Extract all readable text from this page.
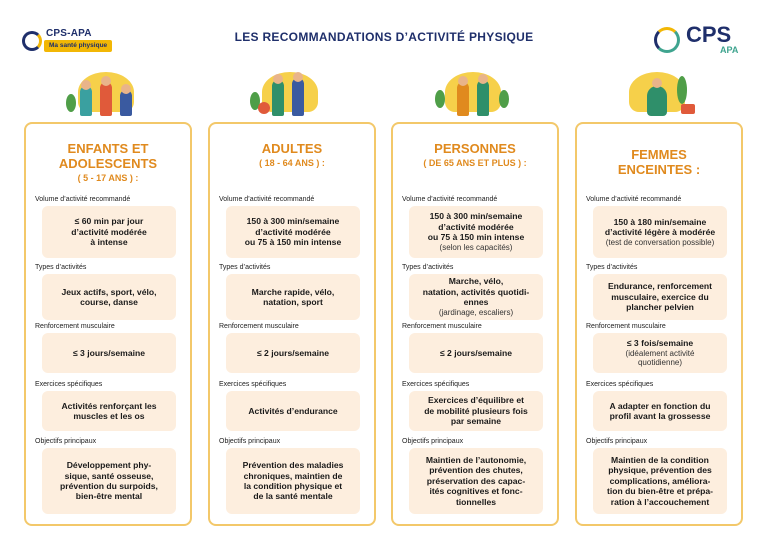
CPS-APA
Ma santé physique
LES RECOMMANDATIONS D’ACTIVITÉ PHYSIQUE	CPS
APA
ENFANTS ET
ADOLESCENTS
( 5 - 17 ANS ) :
Volume d’activité recommandé
≤ 60 min par jour
d’activité modérée
à intense
Types d’activités
Jeux actifs, sport, vélo,
course, danse
Renforcement musculaire
≤ 3 jours/semaine
Exercices spécifiques
Activités renforçant les
muscles et les os
Objectifs principaux
Développement phy-
sique, santé osseuse,
prévention du surpoids,
bien-être mental
ADULTES
( 18 - 64 ANS ) :
Volume d’activité recommandé
150 à 300 min/semaine
d’activité modérée
ou 75 à 150 min intense
Types d’activités
Marche rapide, vélo,
natation, sport
Renforcement musculaire
≤ 2 jours/semaine
Exercices spécifiques
Activités d’endurance
Objectifs principaux
Prévention des maladies
chroniques, maintien de
la condition physique et
de la santé mentale
PERSONNES
( DE 65 ANS ET PLUS ) :
Volume d’activité recommandé
150 à 300 min/semaine
d’activité modérée
ou 75 à 150 min intense
(selon les capacités)
Types d’activités
Marche, vélo,
natation, activités quotidi-
ennes
(jardinage, escaliers)
Renforcement musculaire
≤ 2 jours/semaine
Exercices spécifiques
Exercices d’équilibre et
de mobilité plusieurs fois
par semaine
Objectifs principaux
Maintien de l’autonomie,
prévention des chutes,
préservation des capac-
ités cognitives et fonc-
tionnelles
FEMMES
ENCEINTES :
Volume d’activité recommandé
150 à 180 min/semaine
d’activité légère à modérée
(test de conversation possible)
Types d’activités
Endurance, renforcement
musculaire, exercice du
plancher pelvien
Renforcement musculaire
≤ 3 fois/semaine
(idéalement activité
quotidienne)
Exercices spécifiques
A adapter en fonction du
profil avant la grossesse
Objectifs principaux
Maintien de la condition
physique, prévention des
complications, améliora-
tion du bien-être et prépa-
ration à l’accouchement
